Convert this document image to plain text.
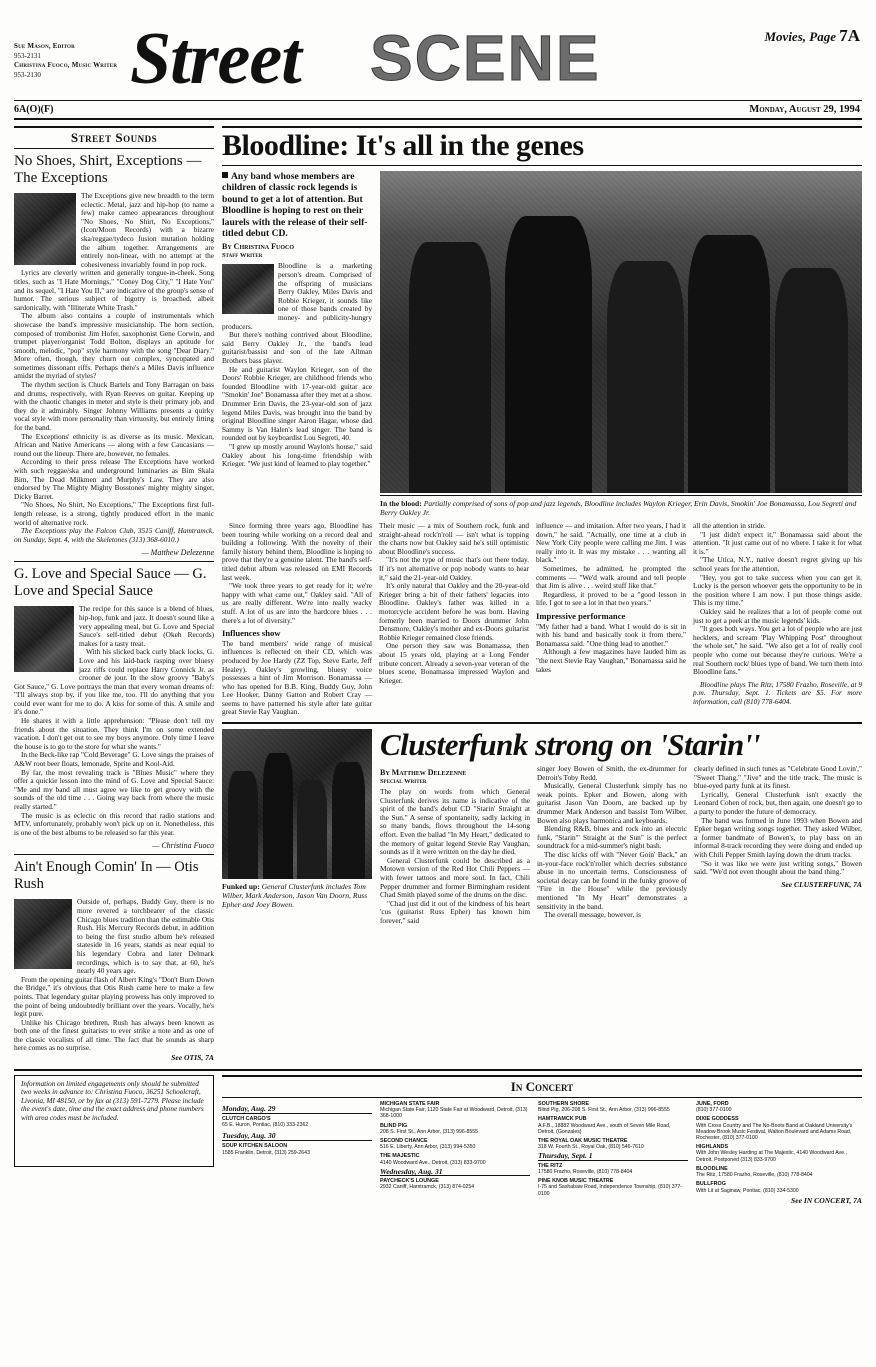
Sue Mason, Editor
953-2131
Christina Fuoco, Music Writer
953-2130	Street SCENE	Movies, Page 7A
6A(O)(F)	Monday, August 29, 1994
Street Sounds
No Shoes, Shirt, Exceptions — The Exceptions

The Exceptions give new breadth to the term eclectic. Metal, jazz and hip-hop (to name a few) make cameo appearances throughout "No Shoes, No Shirt, No Exceptions," (Icon/Moon Records) with a bizarre ska/reggae/tydeco fusion mutation holding the album together. Arrangements are entirely non-linear, with no attempt at the cohesiveness invariably found in pop rock.

Lyrics are cleverly written and generally tongue-in-cheek. Song titles, such as "I Hate Mornings," "Coney Dog City," "I Hate You" and its sequel, "I Hate You II," are indicative of the group's sense of humor. The serious subject of bigotry is broached, albeit sardonically, with "Illiterate White Trash."

The album also contains a couple of instrumentals which showcase the band's impressive musicianship. The horn section, composed of trombonist Jim Hofer, saxophonist Gene Corwin, and trumpet player/organist Todd Bolton, displays an aptitude for smooth, melodic, "pop" style harmony with the song "Dear Diary." More often, though, they churn out complex, syncopated and sometimes dissonant riffs. Perhaps there's a Miles Davis influence amidst the myriad of styles?

The rhythm section is Chuck Bartels and Tony Barragan on bass and drums, respectively, with Ryan Reeves on guitar. Keeping up with the chaotic changes in meter and style is their primary job, and they do it admirably. Singer Johnny Williams presents a quirky vocal style with more personality than virtuosity, but entirely fitting for the band.

The Exceptions' ethnicity is as diverse as its music. Mexican, African and Native Americans — along with a few Caucasians — round out the lineup. There are, however, no females.

According to their press release The Exceptions have worked with such reggae/ska and underground luminaries as Bim Skala Bim, The Dead Milkmen and Murphy's Law. They are also endorsed by The Mighty Mighty Bosstones' mighty mighty singer, Dicky Barret.

"No Shoes, No Shirt, No Exceptions," The Exceptions first full-length release, is a strong, tightly produced effort in the manic world of alternative rock.

The Exceptions play the Falcon Club, 3515 Caniff, Hamtramck, on Sunday, Sept. 4, with the Skeletones (313) 368-6010.)

— Matthew Delezenne
G. Love and Special Sauce — G. Love and Special Sauce

The recipe for this sauce is a blend of blues, hip-hop, funk and jazz. It doesn't sound like a very appealing meal, but G. Love and Special Sauce's self-titled debut (Okeh Records) makes for a tasty treat.

With his slicked back curly black locks, G. Love and his laid-back rasping over bluesy jazz riffs could replace Harry Connick Jr. as crooner de jour. In the slow groovy "Baby's Got Sauce," G. Love portrays the man that every woman dreams of: "I'll always stop by, if you like me, too. I'll do anything that you could ever want for me to do. A kiss for some of this. A smile and it's done."

He shares it with a little apprehension: "Please don't tell my friends about the situation. They think I'm on some extended vacation. I don't get out to see my boys anymore. Only time I leave the house is to go to the store for what she wants."

In the Beck-like rap "Cold Beverage" G. Love sings the praises of A&W root beer floats, lemonade, Sprite and Kool-Aid.

By far, the most revealing track is "Blues Music" where they offer a quickie lesson into the mind of G. Love and Special Sauce: "Me and my band all must agree we like to get groovy with the sounds of the old time . . . Going way back from where the music really started."

The music is as eclectic on this record that radio stations and MTV, unfortunately, probably won't pick up on it. Nonetheless, this is one of the best albums to be released so far this year.

— Christina Fuoco
Ain't Enough Comin' In — Otis Rush

Outside of, perhaps, Buddy Guy, there is no more revered a torchbearer of the classic Chicago blues tradition than the estimable Otis Rush. His Mercury Records debut, in addition to being the first studio album he's released stateside in 16 years, stands as near equal to his legendary Cobra and later Delmark recordings, which is to say that, at 60, he's nearly 40 years age.

From the opening guitar flash of Albert King's "Don't Burn Down the Bridge," it's obvious that Otis Rush came here to make a few points. That legendary guitar playing prowess has only improved to the point of being undoubtedly brilliant over the years. Vocally, he's legit pure.

Unlike his Chicago brethren, Rush has always been known as both one of the finest guitarists to ever strike a note and as one of the classic vocalists of all time. The fact that he sounds as sharp here comes as no surprise.

See OTIS, 7A
Bloodline: It's all in the genes
Any band whose members are children of classic rock legends is bound to get a lot of attention. But Bloodline is hoping to rest on their laurels with the release of their self-titled debut CD.
By Christina Fuoco
Staff Writer

Bloodline is a marketing person's dream. Comprised of the offspring of musicians Berry Oakley, Miles Davis and Robbie Krieger, it sounds like one of those bands created by money- and publicity-hungry producers.

But there's nothing contrived about Bloodline, said Berry Oakley Jr., the band's lead guitarist/bassist and son of the late Allman Brothers bass player.

He and guitarist Waylon Krieger, son of the Doors' Robbie Krieger, are childhood friends who founded Bloodline with 17-year-old guitar ace "Smokin' Joe" Bonamassa after they met at a show. Drummer Erin Davis, the 23-year-old son of jazz legend Miles Davis, was brought into the band by original Bloodline singer Aaron Hagar, whose dad Sammy is Van Halen's lead singer. The band is rounded out by keyboardist Lou Segreti, 40.

"I grew up mostly around Waylon's house," said Oakley about his long-time friendship with Krieger. "We just kind of learned to play together."

In the blood: Partially comprised of sons of pop and jazz legends, Bloodline includes Waylon Krieger, Erin Davis, Smokin' Joe Bonamassa, Lou Segreti and Berry Oakley Jr.

Since forming three years ago, Bloodline has been touring while working on a record deal and building a following. With the novelty of their family history behind them, Bloodline is hoping to prove that they're a genuine talent. The band's self-titled debut album was released on EMI Records last week.

"We took three years to get ready for it; we're happy with what came out," Oakley said. "All of us are really different. We're into really wacky stuff. A lot of us are into the hardcore blues . . . there's a lot of diversity."

Influences show

The band members' wide range of musical influences is reflected on their CD, which was produced by Joe Hardy (ZZ Top, Steve Earle, Jeff Healey). Oakley's growling, bluesy voice possesses a hint of Jim Morrison. Bonamassa — who has opened for B.B. King, Buddy Guy, John Lee Hooker, Danny Gatton and Robert Cray — seems to have patterned his style after late guitar great Stevie Ray Vaughan.

Their music — a mix of Southern rock, funk and straight-ahead rock'n'roll — isn't what is topping the charts now but Oakley said he's still optimistic about Bloodline's success.

"It's not the type of music that's out there today. If it's not alternative or pop nobody wants to hear it," said the 21-year-old Oakley.

It's only natural that Oakley and the 20-year-old Krieger bring a bit of their fathers' legacies into Bloodline. Oakley's father was killed in a motorcycle accident before he was born. Having formerly been married to Doors drummer John Densmore, Oakley's mother and ex-Doors guitarist Robbie Krieger remained close friends.

One person they saw was Bonamassa, then about 15 years old, playing at a Long Fender tribute concert. Already a seven-year veteran of the blues scene, Bonamassa impressed Waylon and Krieger.

influence — and imitation. After two years, I had it down," he said. "Actually, one time at a club in New York City people were calling me Jim. I was really into it. It was my mistake . . . wanting all black."

Sometimes, he admitted, he prompted the comments — "We'd walk around and tell people that Jim is alive . . . weird stuff like that."

Regardless, it proved to be a "good lesson in life. I got to see a lot in that two years."

Impressive performance

"My father had a band. What I would do is sit in with his band and basically took it from there," Bonamassa said. "One thing lead to another."

Although a few magazines have lauded him as "the next Stevie Ray Vaughan," Bonamassa said he takes

all the attention in stride.

"I just didn't expect it," Bonamassa said about the attention. "It just came out of no where. I take it for what it is."

"The Utica, N.Y., native doesn't regret giving up his school years for the attention.

"Hey, you got to take success when you can get it. Lucky is the person whoever gets the opportunity to be in the position where I am now. I put those things aside. This is my time."

Oakley said he realizes that a lot of people come out just to get a peek at the music legends' kids.

"It goes both ways. You get a lot of people who are just hecklers, and scream 'Play Whipping Post'' throughout the whole set," he said. "We also get a lot of really cool people who come out because they're curious. We're a real Southern rock/ blues type of band. We turn them into Bloodline fans."

Bloodline plays The Ritz, 17580 Frazho, Roseville, at 9 p.m. Thursday, Sept. 1. Tickets are $5. For more information, call (810) 778-6404.

Funked up: General Clusterfunk includes Tom Wilber, Mark Anderson, Jason Van Doorn, Russ Epher and Joey Bowen.
Clusterfunk strong on 'Starin''
By Matthew Delezenne
Special Writer

The play on words from which General Clusterfunk derives its name is indicative of the spirit of the band's debut CD "Starin' Straight at the Sun." A sense of spontaneity, sadly lacking in so many bands, flows throughout the 14-song effort. Even the ballad "In My Heart," dedicated to the memory of guitar legend Stevie Ray Vaughan, sounds as if it were written on the day he died.

General Clusterfunk could be described as a Motown version of the Red Hot Chili Peppers — with fewer tattoos and more soul. In fact, Chili Pepper drummer and former Birmingham resident Chad Smith played some of the drums on the disc.

"Chad just did it out of the kindness of his heart 'cus (guitarist Russ Epher) has known him forever," said

singer Joey Bowen of Smith, the ex-drummer for Detroit's Toby Redd.

Musically, General Clusterfunk simply has no weak points. Epker and Bowen, along with guitarist Jason Van Doorn, are backed up by drummer Mark Anderson and bassist Tom Wilber. Bowen also plays harmonica and keyboards.

Blending R&B, blues and rock into an electric funk, "Starin'" Straight at the Sun" is the perfect soundtrack for a mid-summer's night bash.

The disc kicks off with "Never Goin' Back," an in-your-face rock'n'roller which decries substance abuse in no uncertain terms. Consciousness of societal decay can be found in the funky groove of "Fire in the House" while the previously mentioned "In My Heart" demonstrates a sensitivity in the band.

The overall message, however, is

clearly defined in such tunes as "Celebrate Good Lovin'," "Sweet Thang," "Jive" and the title track. The music is blue-eyed party funk at its finest.

Lyrically, General Clusterfunk isn't exactly the Leonard Cohen of rock, but, then again, one doesn't go to a party to ponder the future of democracy.

The band was formed in June 1993 when Bowen and Epker began writing songs together. They asked Wilber, a former bandmate of Bowen's, to play bass on an informal 8-track recording they were doing and ended up with Chili Pepper Smith laying down the drum tracks.

"So it was like we were just writing songs," Bowen said. "We'd not even thought about the band thing."

See CLUSTERFUNK, 7A
Information on limited engagements only should be submitted two weeks in advance to: Christina Fuoco, 36251 Schoolcraft, Livonia, MI 48150, or by fax at (313) 591-7279. Please include the event's date, time and the exact address and phone numbers with area codes must be included.
In Concert
Monday, Aug. 29
CLUTCH CARGO'S
65 E. Huron, Pontiac, (810) 333-2362
Tuesday, Aug. 30
SOUP KITCHEN SALOON
1585 Franklin, Detroit, (313) 259-2643
MICHIGAN STATE FAIR
Michigan State Fair, 1120 State Fair at Woodward, Detroit, (313) 368-1000
BLIND PIG
208 S. First St., Ann Arbor, (313) 996-8555
SECOND CHANCE
516 E. Liberty, Ann Arbor, (313) 994-5350
THE MAJESTIC
4140 Woodward Ave., Detroit, (313) 833-9700
Wednesday, Aug. 31
PAYCHECK'S LOUNGE
2932 Caniff, Hamtramck, (313) 874-0254
SOUTHERN SHORE
Blind Pig, 206-208 S. First St., Ann Arbor, (313) 996-8555
HAMTRAMCK PUB
A.F.B., 18882 Woodward Ave., south of Seven Mile Road, Detroit, (Gonzales)
THE ROYAL OAK MUSIC THEATRE
318 W. Fourth St., Royal Oak, (810) 546-7610
Thursday, Sept. 1
THE RITZ
17580 Frazho, Roseville, (810) 778-8404
PINE KNOB MUSIC THEATRE
I-75 and Sashabaw Road, Independence Township, (810) 377-0100
JUNE, FORD
(810) 377-0100
DIXIE GODDESS
With Cross Country and The No-Boots Band at Oakland University's Meadow Brook Music Festival, Walton Boulevard and Adams Road, Rochester, (810) 377-0100
HIGHLANDS
With John Wesley Harding at The Majestic, 4140 Woodward Ave., Detroit, Postponed (313) 833-9700
BLOODLINE
The Ritz, 17580 Frazho, Roseville, (810) 778-8404
BULLFROG
With Lit at Saginaw, Pontiac, (810) 334-5300
See IN CONCERT, 7A
